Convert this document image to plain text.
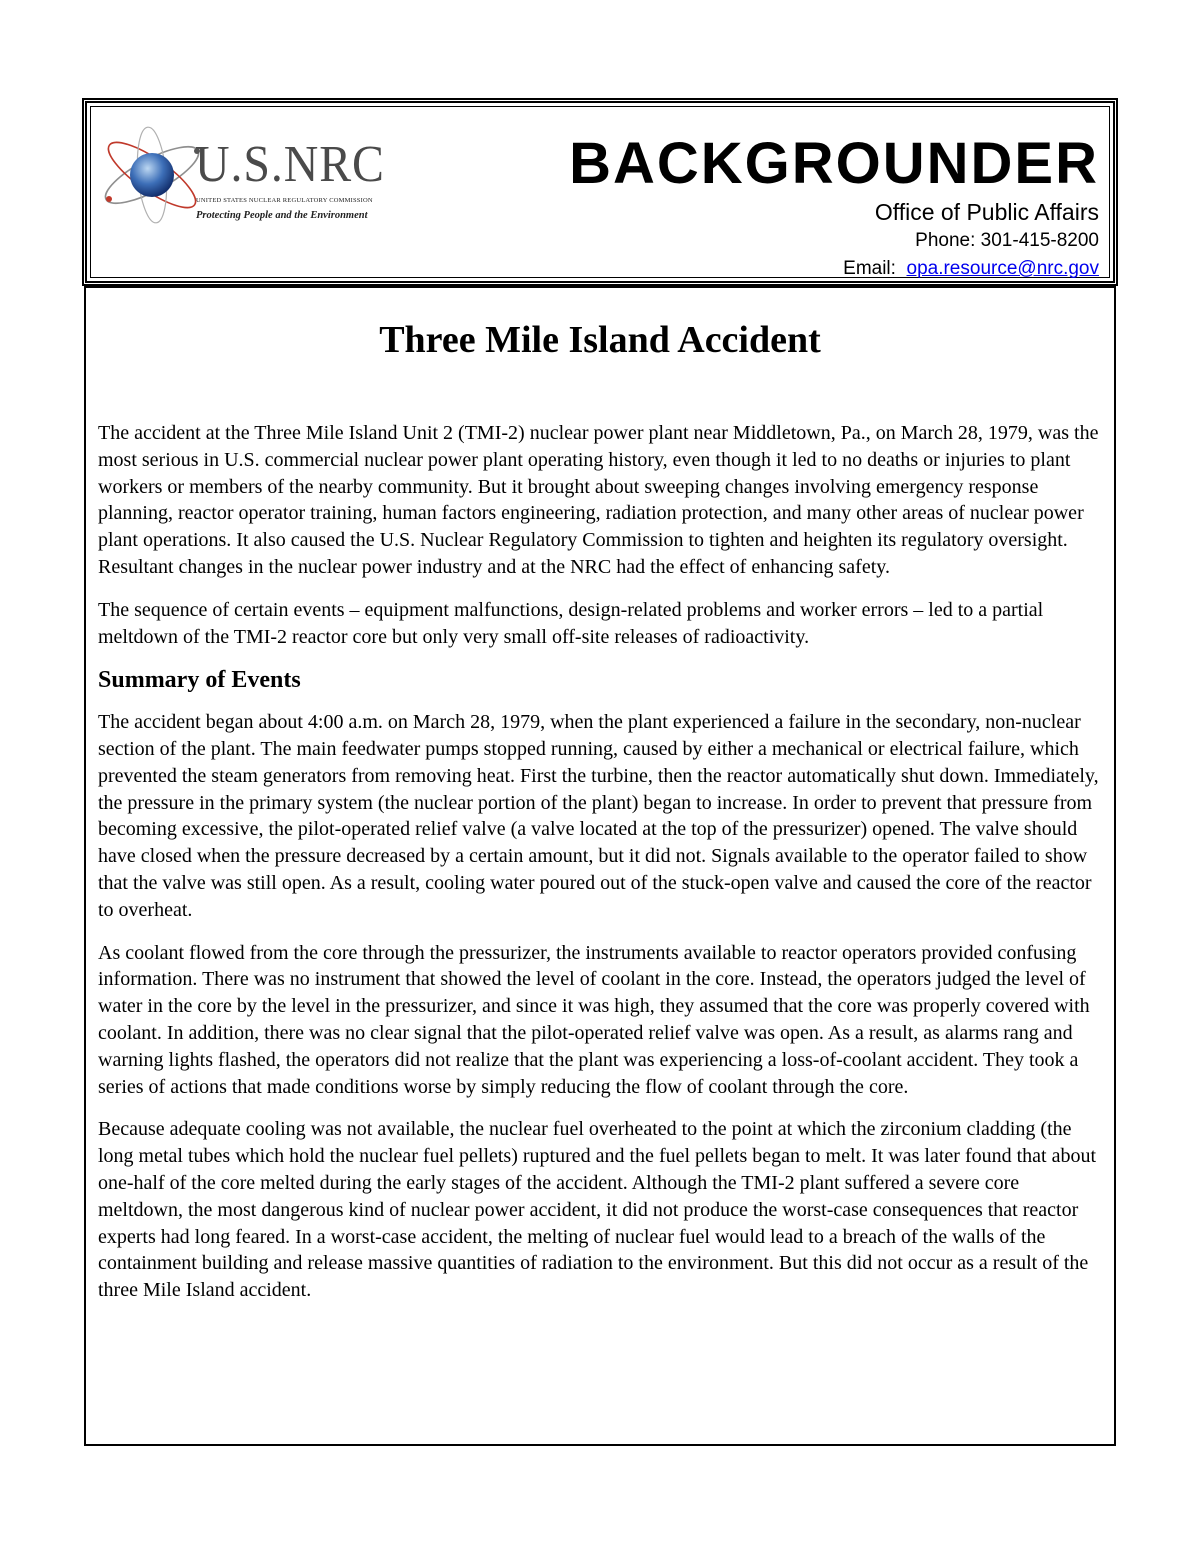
U.S.NRC
UNITED STATES NUCLEAR REGULATORY COMMISSION
Protecting People and the Environment
BACKGROUNDER
Office of Public Affairs
Phone: 301-415-8200
Email:  opa.resource@nrc.gov
Three Mile Island Accident

The accident at the Three Mile Island Unit 2 (TMI-2) nuclear power plant near Middletown, Pa., on March 28, 1979, was the most serious in U.S. commercial nuclear power plant operating history, even though it led to no deaths or injuries to plant workers or members of the nearby community. But it brought about sweeping changes involving emergency response planning, reactor operator training, human factors engineering, radiation protection, and many other areas of nuclear power plant operations. It also caused the U.S. Nuclear Regulatory Commission to tighten and heighten its regulatory oversight. Resultant changes in the nuclear power industry and at the NRC had the effect of enhancing safety.

The sequence of certain events – equipment malfunctions, design-related problems and worker errors – led to a partial meltdown of the TMI-2 reactor core but only very small off-site releases of radioactivity.

Summary of Events

The accident began about 4:00 a.m. on March 28, 1979, when the plant experienced a failure in the secondary, non-nuclear section of the plant. The main feedwater pumps stopped running, caused by either a mechanical or electrical failure, which prevented the steam generators from removing heat. First the turbine, then the reactor automatically shut down. Immediately, the pressure in the primary system (the nuclear portion of the plant) began to increase. In order to prevent that pressure from becoming excessive, the pilot-operated relief valve (a valve located at the top of the pressurizer) opened. The valve should have closed when the pressure decreased by a certain amount, but it did not. Signals available to the operator failed to show that the valve was still open. As a result, cooling water poured out of the stuck-open valve and caused the core of the reactor to overheat.

As coolant flowed from the core through the pressurizer, the instruments available to reactor operators provided confusing information. There was no instrument that showed the level of coolant in the core. Instead, the operators judged the level of water in the core by the level in the pressurizer, and since it was high, they assumed that the core was properly covered with coolant. In addition, there was no clear signal that the pilot-operated relief valve was open. As a result, as alarms rang and warning lights flashed, the operators did not realize that the plant was experiencing a loss-of-coolant accident. They took a series of actions that made conditions worse by simply reducing the flow of coolant through the core.

Because adequate cooling was not available, the nuclear fuel overheated to the point at which the zirconium cladding (the long metal tubes which hold the nuclear fuel pellets) ruptured and the fuel pellets began to melt. It was later found that about one-half of the core melted during the early stages of the accident. Although the TMI-2 plant suffered a severe core meltdown, the most dangerous kind of nuclear power accident, it did not produce the worst-case consequences that reactor experts had long feared. In a worst-case accident, the melting of nuclear fuel would lead to a breach of the walls of the containment building and release massive quantities of radiation to the environment. But this did not occur as a result of the three Mile Island accident.
